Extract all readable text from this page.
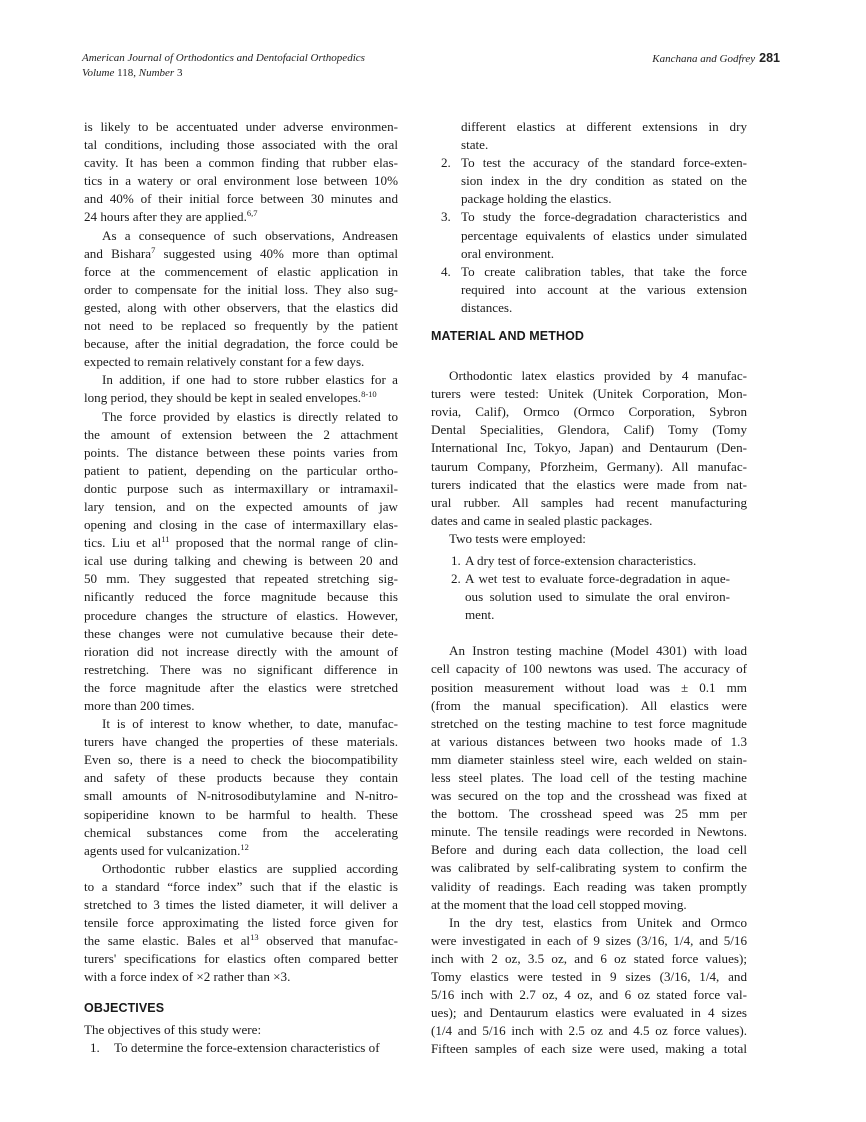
American Journal of Orthodontics and Dentofacial Orthopedics
Volume 118, Number 3
Kanchana and Godfrey 281
is likely to be accentuated under adverse environmen-
tal conditions, including those associated with the oral
cavity. It has been a common finding that rubber elas-
tics in a watery or oral environment lose between 10%
and 40% of their initial force between 30 minutes and
24 hours after they are applied.$^{6,7}$
As a consequence of such observations, Andreasen
and Bishara$^7$ suggested using 40% more than optimal
force at the commencement of elastic application in
order to compensate for the initial loss. They also sug-
gested, along with other observers, that the elastics did
not need to be replaced so frequently by the patient
because, after the initial degradation, the force could be
expected to remain relatively constant for a few days.
In addition, if one had to store rubber elastics for a
long period, they should be kept in sealed envelopes.$^{8-10}$
The force provided by elastics is directly related to
the amount of extension between the 2 attachment
points. The distance between these points varies from
patient to patient, depending on the particular ortho-
dontic purpose such as intermaxillary or intramaxil-
lary tension, and on the expected amounts of jaw
opening and closing in the case of intermaxillary elas-
tics. Liu et $al^{11}$ proposed that the normal range of clin-
ical use during talking and chewing is between 20 and
50 mm. They suggested that repeated stretching sig-
nificantly reduced the force magnitude because this
procedure changes the structure of elastics. However,
these changes were not cumulative because their dete-
rioration did not increase directly with the amount of
restretching. There was no significant difference in
the force magnitude after the elastics were stretched
more than 200 times.
It is of interest to know whether, to date, manufac-
turers have changed the properties of these materials.
Even so, there is a need to check the biocompatibility
and safety of these products because they contain
small amounts of N-nitrosodibutylamine and N-nitro-
sopiperidine known to be harmful to health. These
chemical substances come from the accelerating
agents used for vulcanization.$^{12}$
Orthodontic rubber elastics are supplied according
to a standard “force index” such that if the elastic is
stretched to 3 times the listed diameter, it will deliver a
tensile force approximating the listed force given for
the same elastic. Bales et $al^{13}$ observed that manufac-
turers' specifications for elastics often compared better
with a force index of ×2 rather than ×3.
OBJECTIVES
The objectives of this study were:
1. To determine the force-extension characteristics of
different elastics at different extensions in dry
state.
2. To test the accuracy of the standard force-exten-
sion index in the dry condition as stated on the
package holding the elastics.
3. To study the force-degradation characteristics and
percentage equivalents of elastics under simulated
oral environment.
4. To create calibration tables, that take the force
required into account at the various extension
distances.
MATERIAL AND METHOD
Orthodontic latex elastics provided by 4 manufac-
turers were tested: Unitek (Unitek Corporation, Mon-
rovia, Calif), Ormco (Ormco Corporation, Sybron
Dental Specialities, Glendora, Calif) Tomy (Tomy
International Inc, Tokyo, Japan) and Dentaurum (Den-
taurum Company, Pforzheim, Germany). All manufac-
turers indicated that the elastics were made from nat-
ural rubber. All samples had recent manufacturing
dates and came in sealed plastic packages.
Two tests were employed:
1. A dry test of force-extension characteristics.
2. A wet test to evaluate force-degradation in aque-
ous solution used to simulate the oral environ-
ment.
An Instron testing machine (Model 4301) with load
cell capacity of 100 newtons was used. The accuracy of
position measurement without load was ± 0.1 mm
(from the manual specification). All elastics were
stretched on the testing machine to test force magnitude
at various distances between two hooks made of 1.3
mm diameter stainless steel wire, each welded on stain-
less steel plates. The load cell of the testing machine
was secured on the top and the crosshead was fixed at
the bottom. The crosshead speed was 25 mm per
minute. The tensile readings were recorded in Newtons.
Before and during each data collection, the load cell
was calibrated by self-calibrating system to confirm the
validity of readings. Each reading was taken promptly
at the moment that the load cell stopped moving.
In the dry test, elastics from Unitek and Ormco
were investigated in each of 9 sizes (3/16, 1/4, and 5/16
inch with 2 oz, 3.5 oz, and 6 oz stated force values);
Tomy elastics were tested in 9 sizes (3/16, 1/4, and
5/16 inch with 2.7 oz, 4 oz, and 6 oz stated force val-
ues); and Dentaurum elastics were evaluated in 4 sizes
(1/4 and 5/16 inch with 2.5 oz and 4.5 oz force values).
Fifteen samples of each size were used, making a total
